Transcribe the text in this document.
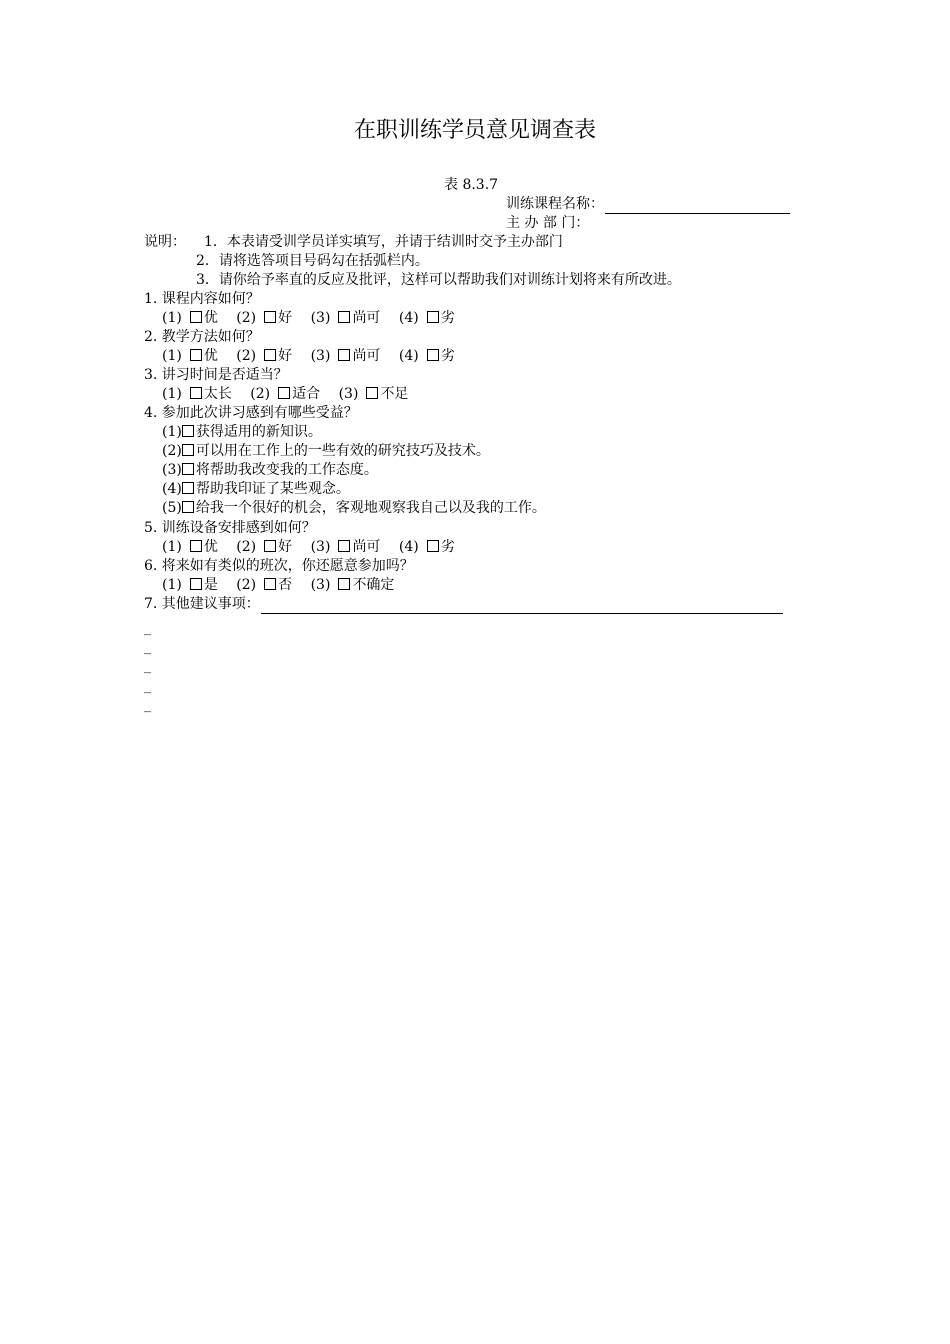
在职训练学员意见调查表
表 8.3.7
训练课程名称：
主 办 部 门：
说明： 1．本表请受训学员详实填写，并请于结训时交予主办部门
2．请将选答项目号码勾在括弧栏内。
3．请你给予率直的反应及批评，这样可以帮助我们对训练计划将来有所改进。
1. 课程内容如何？
(1) 优 (2) 好 (3) 尚可 (4) 劣
2. 教学方法如何？
(1) 优 (2) 好 (3) 尚可 (4) 劣
3. 讲习时间是否适当？
(1) 太长 (2) 适合 (3) 不足
4. 参加此次讲习感到有哪些受益？
(1) 获得适用的新知识。
(2) 可以用在工作上的一些有效的研究技巧及技术。
(3) 将帮助我改变我的工作态度。
(4) 帮助我印证了某些观念。
(5) 给我一个很好的机会，客观地观察我自己以及我的工作。
5. 训练设备安排感到如何？
(1) 优 (2) 好 (3) 尚可 (4) 劣
6. 将来如有类似的班次，你还愿意参加吗？
(1) 是 (2) 否 (3) 不确定
7. 其他建议事项：
_
_
_
_
_
